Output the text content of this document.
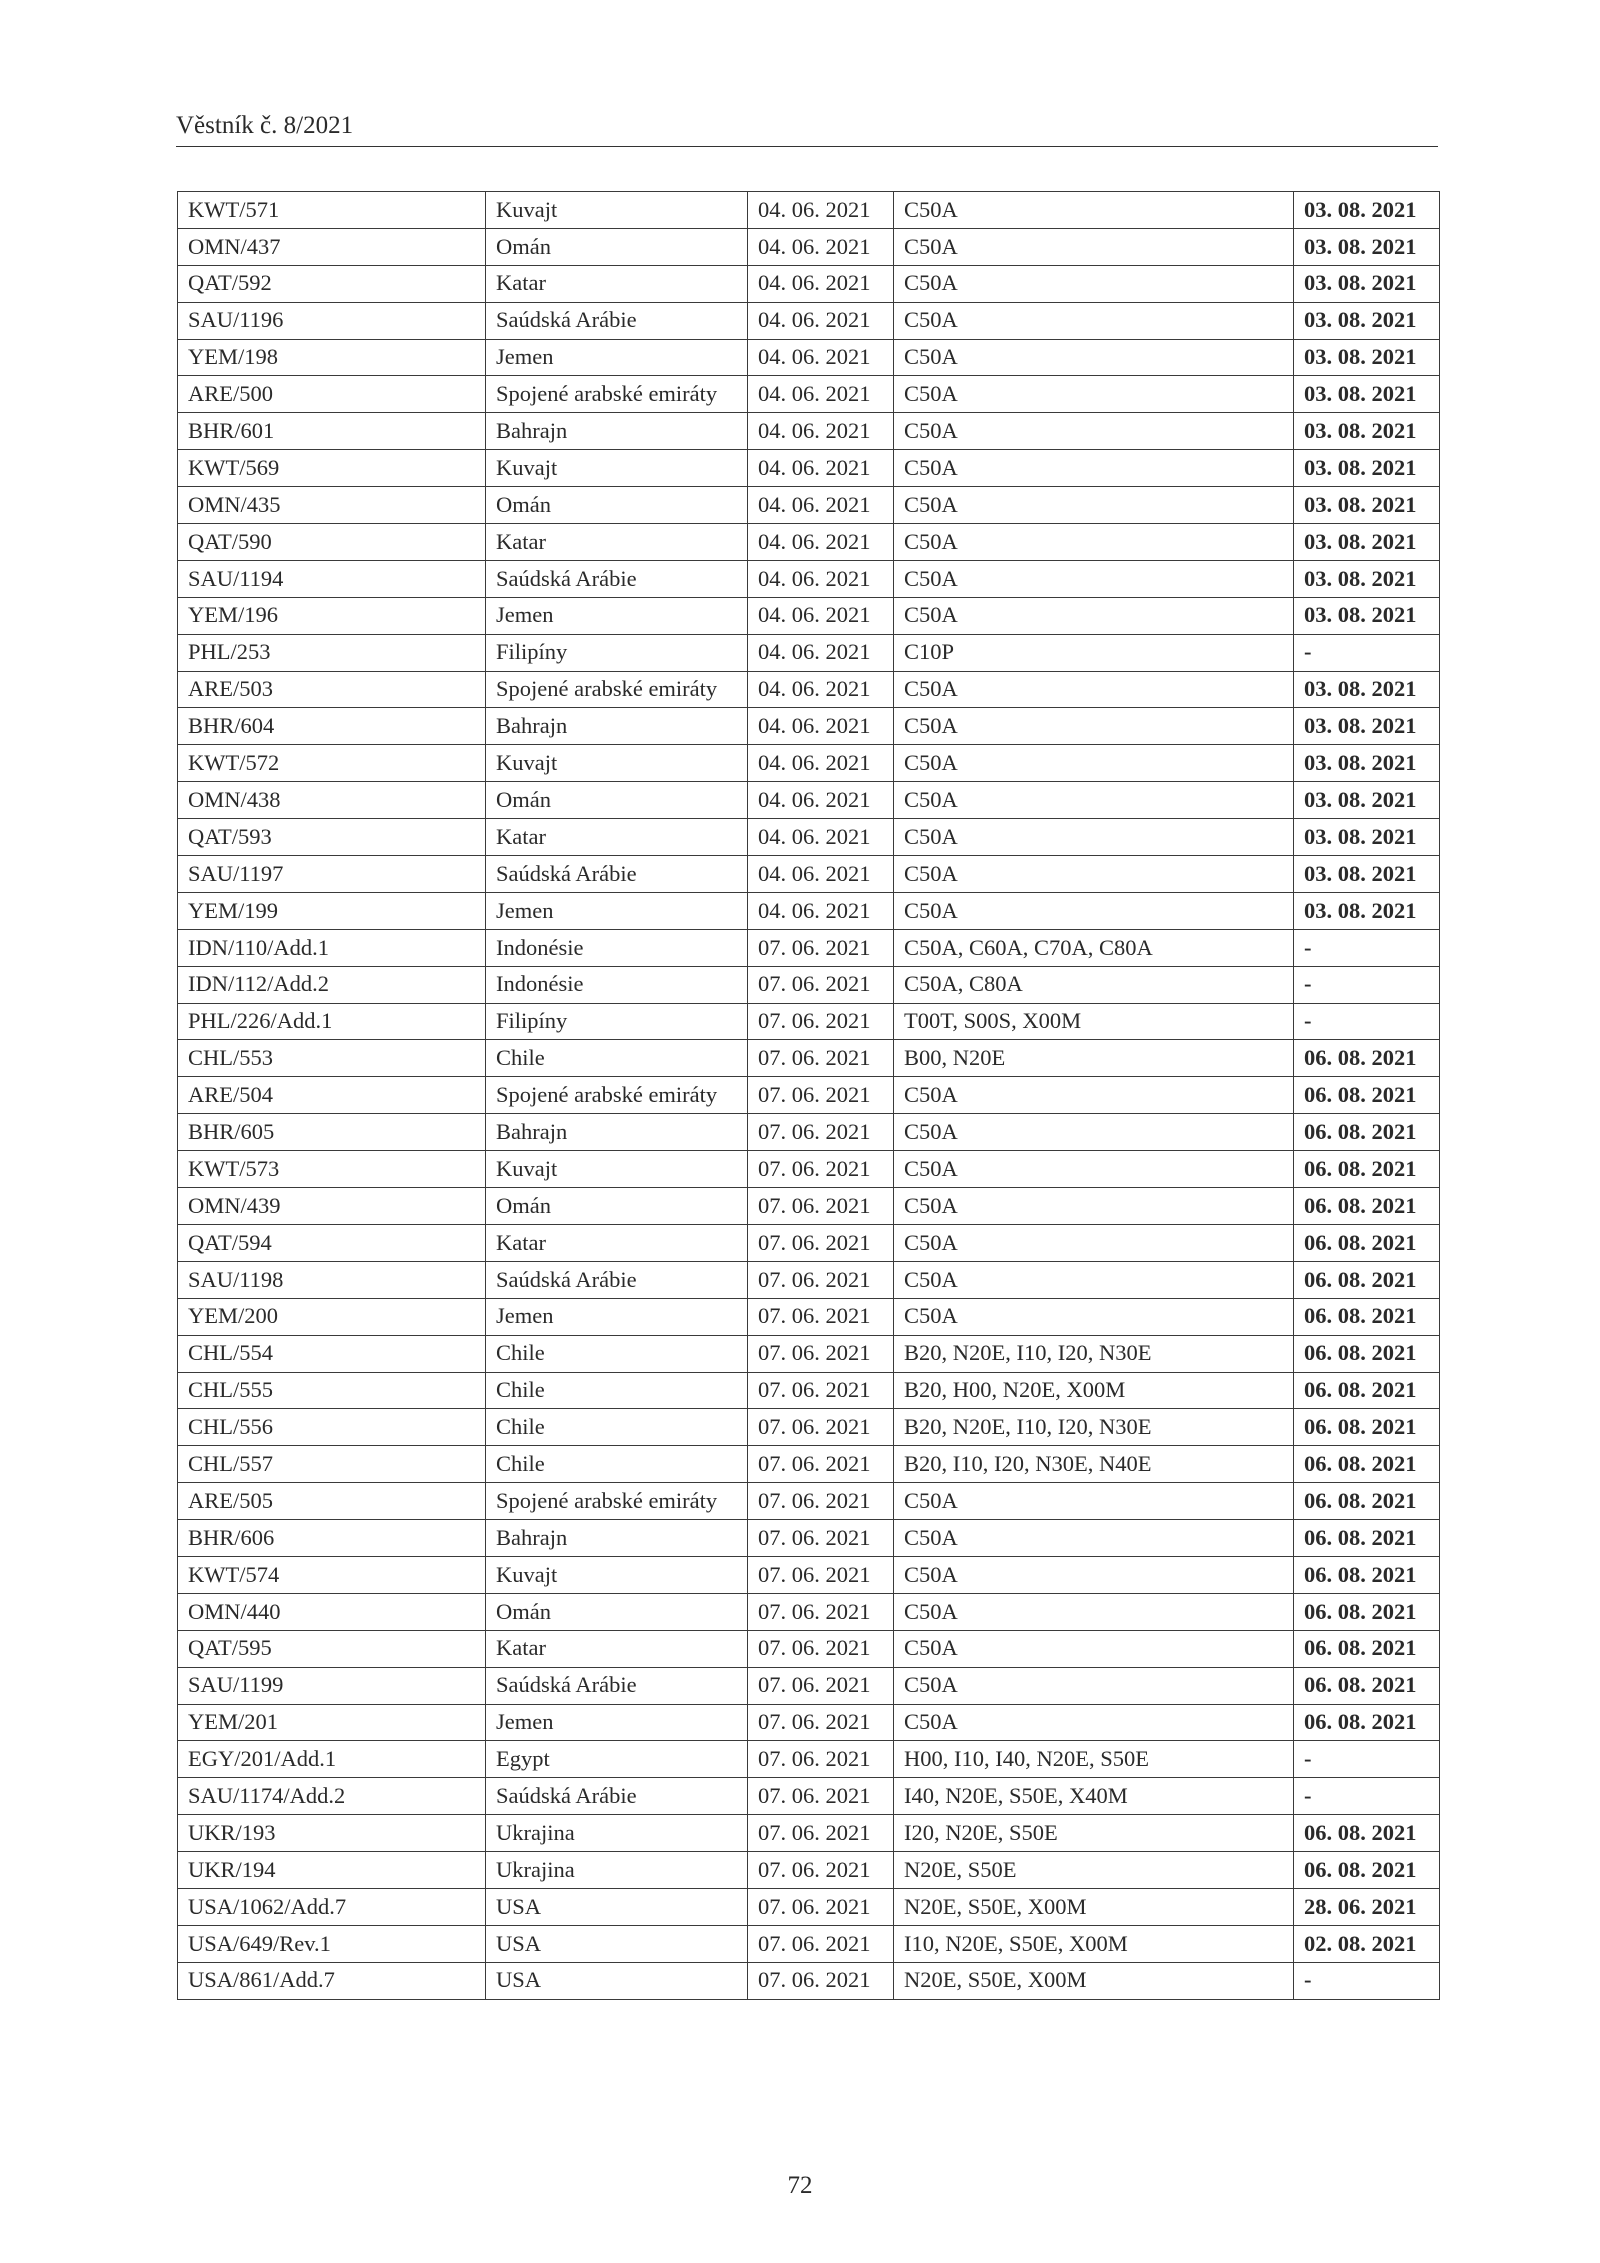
Věstník č. 8/2021
KWT/571	Kuvajt	04. 06. 2021	C50A	03. 08. 2021
OMN/437	Omán	04. 06. 2021	C50A	03. 08. 2021
QAT/592	Katar	04. 06. 2021	C50A	03. 08. 2021
SAU/1196	Saúdská Arábie	04. 06. 2021	C50A	03. 08. 2021
YEM/198	Jemen	04. 06. 2021	C50A	03. 08. 2021
ARE/500	Spojené arabské emiráty	04. 06. 2021	C50A	03. 08. 2021
BHR/601	Bahrajn	04. 06. 2021	C50A	03. 08. 2021
KWT/569	Kuvajt	04. 06. 2021	C50A	03. 08. 2021
OMN/435	Omán	04. 06. 2021	C50A	03. 08. 2021
QAT/590	Katar	04. 06. 2021	C50A	03. 08. 2021
SAU/1194	Saúdská Arábie	04. 06. 2021	C50A	03. 08. 2021
YEM/196	Jemen	04. 06. 2021	C50A	03. 08. 2021
PHL/253	Filipíny	04. 06. 2021	C10P	-
ARE/503	Spojené arabské emiráty	04. 06. 2021	C50A	03. 08. 2021
BHR/604	Bahrajn	04. 06. 2021	C50A	03. 08. 2021
KWT/572	Kuvajt	04. 06. 2021	C50A	03. 08. 2021
OMN/438	Omán	04. 06. 2021	C50A	03. 08. 2021
QAT/593	Katar	04. 06. 2021	C50A	03. 08. 2021
SAU/1197	Saúdská Arábie	04. 06. 2021	C50A	03. 08. 2021
YEM/199	Jemen	04. 06. 2021	C50A	03. 08. 2021
IDN/110/Add.1	Indonésie	07. 06. 2021	C50A, C60A, C70A, C80A	-
IDN/112/Add.2	Indonésie	07. 06. 2021	C50A, C80A	-
PHL/226/Add.1	Filipíny	07. 06. 2021	T00T, S00S, X00M	-
CHL/553	Chile	07. 06. 2021	B00, N20E	06. 08. 2021
ARE/504	Spojené arabské emiráty	07. 06. 2021	C50A	06. 08. 2021
BHR/605	Bahrajn	07. 06. 2021	C50A	06. 08. 2021
KWT/573	Kuvajt	07. 06. 2021	C50A	06. 08. 2021
OMN/439	Omán	07. 06. 2021	C50A	06. 08. 2021
QAT/594	Katar	07. 06. 2021	C50A	06. 08. 2021
SAU/1198	Saúdská Arábie	07. 06. 2021	C50A	06. 08. 2021
YEM/200	Jemen	07. 06. 2021	C50A	06. 08. 2021
CHL/554	Chile	07. 06. 2021	B20, N20E, I10, I20, N30E	06. 08. 2021
CHL/555	Chile	07. 06. 2021	B20, H00, N20E, X00M	06. 08. 2021
CHL/556	Chile	07. 06. 2021	B20, N20E, I10, I20, N30E	06. 08. 2021
CHL/557	Chile	07. 06. 2021	B20, I10, I20, N30E, N40E	06. 08. 2021
ARE/505	Spojené arabské emiráty	07. 06. 2021	C50A	06. 08. 2021
BHR/606	Bahrajn	07. 06. 2021	C50A	06. 08. 2021
KWT/574	Kuvajt	07. 06. 2021	C50A	06. 08. 2021
OMN/440	Omán	07. 06. 2021	C50A	06. 08. 2021
QAT/595	Katar	07. 06. 2021	C50A	06. 08. 2021
SAU/1199	Saúdská Arábie	07. 06. 2021	C50A	06. 08. 2021
YEM/201	Jemen	07. 06. 2021	C50A	06. 08. 2021
EGY/201/Add.1	Egypt	07. 06. 2021	H00, I10, I40, N20E, S50E	-
SAU/1174/Add.2	Saúdská Arábie	07. 06. 2021	I40, N20E, S50E, X40M	-
UKR/193	Ukrajina	07. 06. 2021	I20, N20E, S50E	06. 08. 2021
UKR/194	Ukrajina	07. 06. 2021	N20E, S50E	06. 08. 2021
USA/1062/Add.7	USA	07. 06. 2021	N20E, S50E, X00M	28. 06. 2021
USA/649/Rev.1	USA	07. 06. 2021	I10, N20E, S50E, X00M	02. 08. 2021
USA/861/Add.7	USA	07. 06. 2021	N20E, S50E, X00M	-
72
